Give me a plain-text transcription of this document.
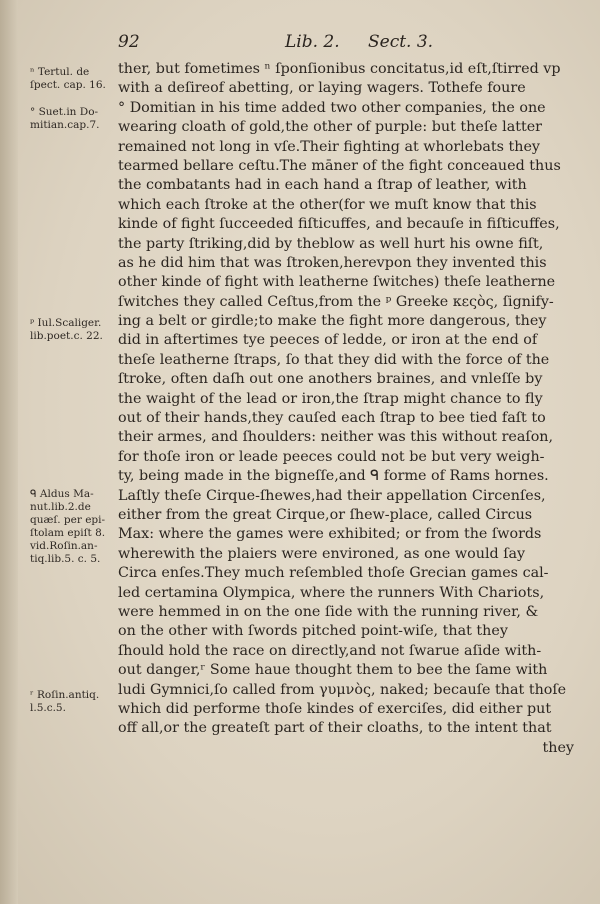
92	Lib. 2. Sect. 3.
ther, but fometimes ⁿ ſponſionibus concitatus,id eſt,ſtirred vp
with a deſireof abetting, or laying wagers. Tothefe foure
° Domitian in his time added two other companies, the one
wearing cloath of gold,the other of purple: but theſe latter
remained not long in vſe.Their fighting at whorlebats they
tearmed bellare ceſtu.The māner of the fight conceaued thus
the combatants had in each hand a ſtrap of leather, with
which each ſtroke at the other(for we muſt know that this
kinde of fight ſucceeded fiſticuffes, and becauſe in fiſticuffes,
the party ſtriking,did by theblow as well hurt his owne fiſt,
as he did him that was ſtroken,herevpon they invented this
other kinde of fight with leatherne ſwitches) theſe leatherne
ſwitches they called Ceſtus,from the ᵖ Greeke κεςὸς, ſignify-
ing a belt or girdle;to make the fight more dangerous, they
did in aftertimes tye peeces of ledde, or iron at the end of
theſe leatherne ſtraps, ſo that they did with the force of the
ſtroke, often daſh out one anothers braines, and vnleſſe by
the waight of the lead or iron,the ſtrap might chance to fly
out of their hands,they cauſed each ſtrap to bee tied faſt to
their armes, and ſhoulders: neither was this without reaſon,
for thoſe iron or leade peeces could not be but very weigh-
ty, being made in the bigneſſe,and ᑫ forme of Rams hornes.
Laſtly theſe Cirque-ſhewes,had their appellation Circenſes,
either from the great Cirque,or ſhew-place, called Circus
Max: where the games were exhibited; or from the ſwords
wherewith the plaiers were environed, as one would ſay
Circa enſes.They much reſembled thoſe Grecian games cal-
led certamina Olympica, where the runners With Chariots,
were hemmed in on the one ſide with the running river, &
on the other with ſwords pitched point-wiſe, that they
ſhould hold the race on directly,and not ſwarue aſide with-
out danger,ʳ Some haue thought them to bee the ſame with
ludi Gymnici,ſo called from γυμνὸς, naked; becauſe that thoſe
which did performe thoſe kindes of exerciſes, did either put
off all,or the greateſt part of their cloaths, to the intent that
they
ⁿ Tertul. de
ſpect. cap. 16.
° Suet.in Do-
mitian.cap.7.
ᵖ Iul.Scaliger.
lib.poet.c. 22.
ᑫ Aldus Ma-
nut.lib.2.de
quæſ. per epi-
ſtolam epiſt 8.
vid.Roſin.an-
tiq.lib.5. c. 5.
ʳ Roſin.antiq.
l.5.c.5.
